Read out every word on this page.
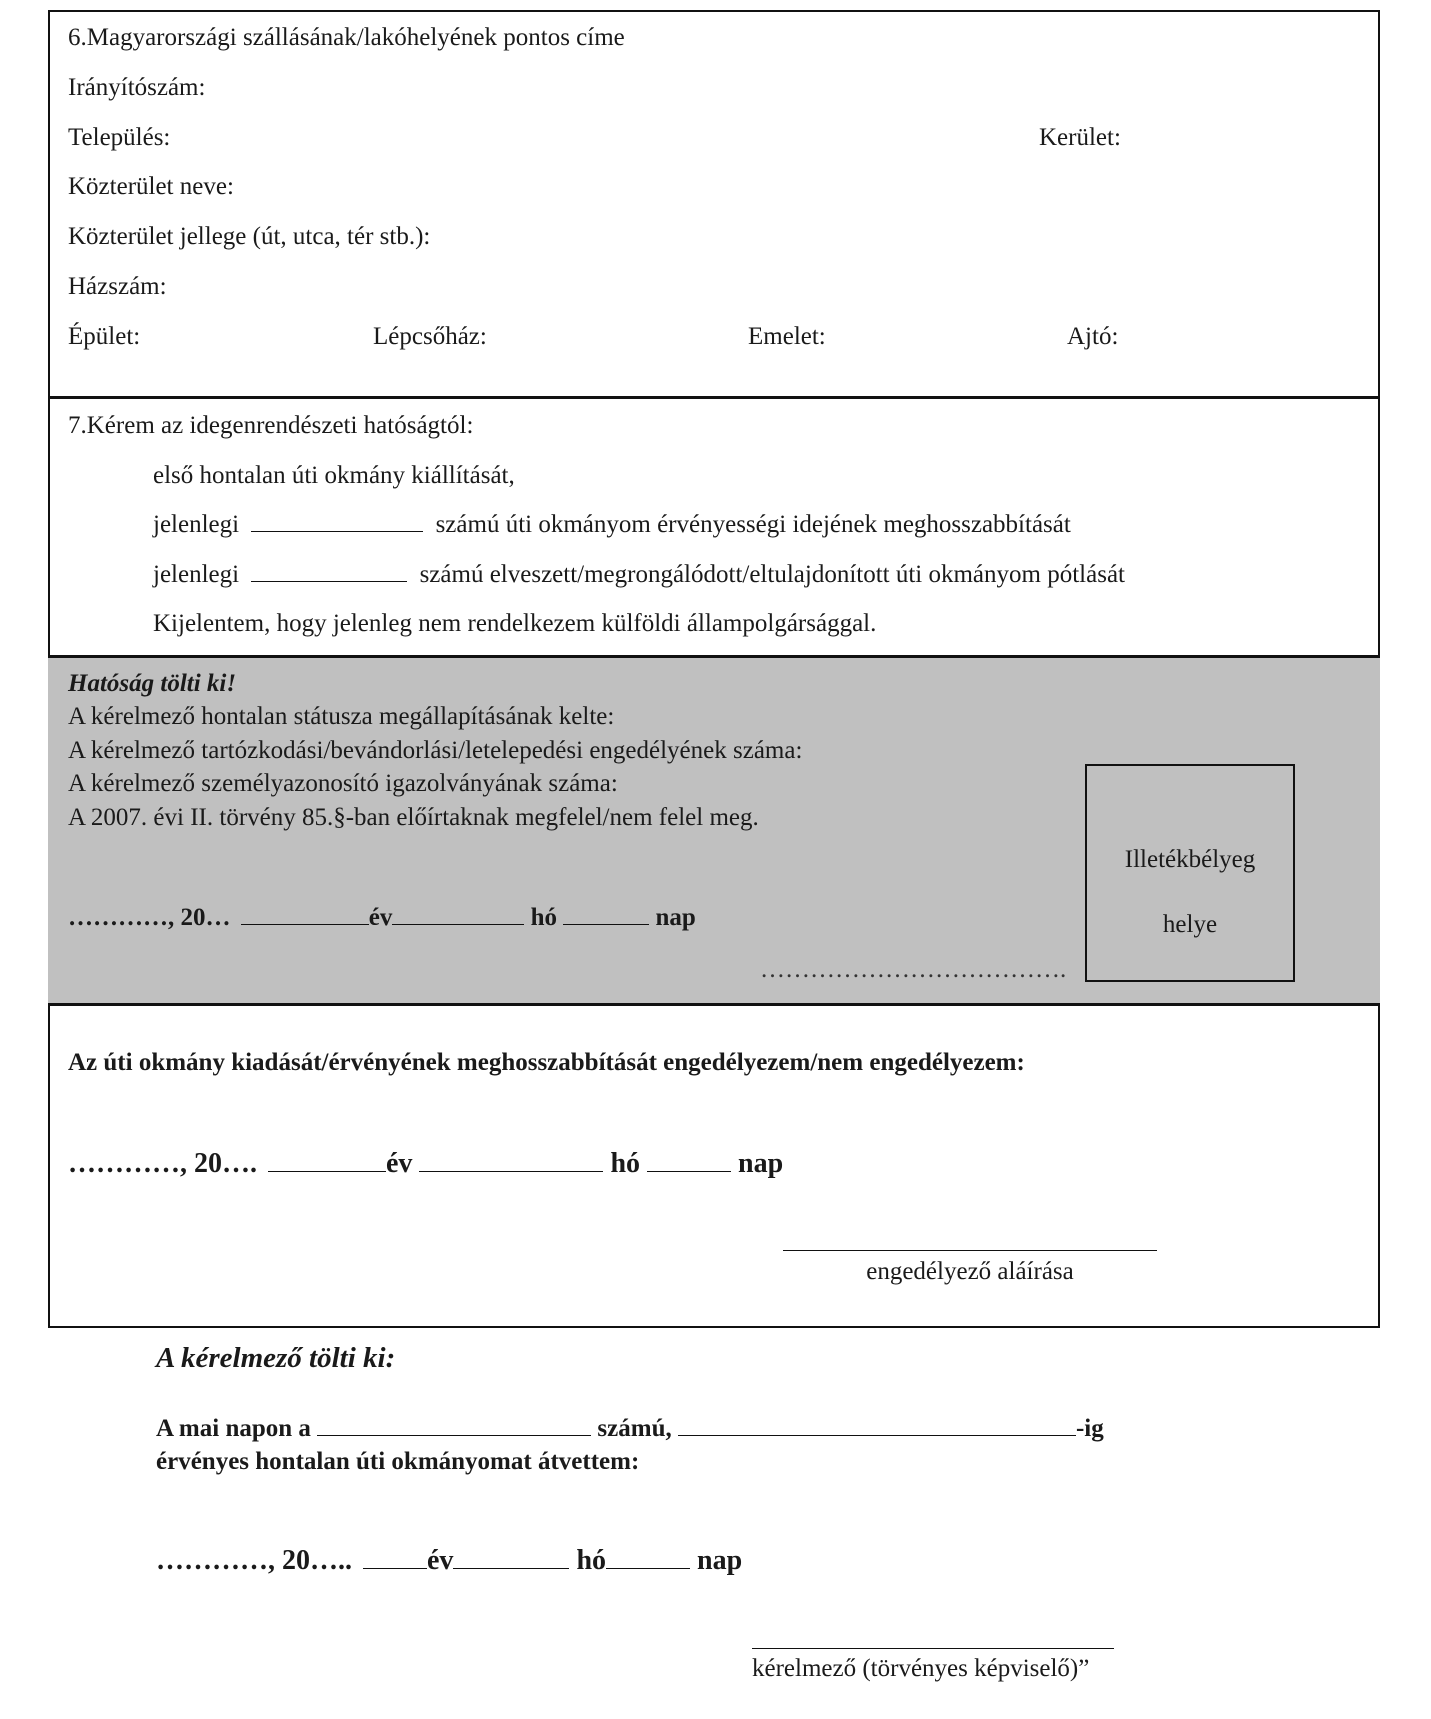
6.Magyarországi szállásának/lakóhelyének pontos címe
Irányítószám:
Település:	Kerület:
Közterület neve:
Közterület jellege (út, utca, tér stb.):
Házszám:
Épület:	Lépcsőház:	Emelet:	Ajtó:
7.Kérem az idegenrendészeti hatóságtól:
első hontalan úti okmány kiállítását,
jelenlegi	számú úti okmányom érvényességi idejének meghosszabbítását
jelenlegi	számú elveszett/megrongálódott/eltulajdonított úti okmányom pótlását
Kijelentem, hogy jelenleg nem rendelkezem külföldi állampolgársággal.
Hatóság tölti ki!
A kérelmező hontalan státusza megállapításának kelte:
A kérelmező tartózkodási/bevándorlási/letelepedési engedélyének száma:
A kérelmező személyazonosító igazolványának száma:
A 2007. évi II. törvény 85.§-ban előírtaknak megfelel/nem felel meg.
…………, 20…	év	hó	nap
……………………………….
Illetékbélyeg
helye
Az úti okmány kiadását/érvényének meghosszabbítását engedélyezem/nem engedélyezem:
…………, 20….	év	hó	nap
engedélyező aláírása
A kérelmező tölti ki:
A mai napon a	számú,	-ig
érvényes hontalan úti okmányomat átvettem:
…………, 20…..	év	hó	nap
kérelmező (törvényes képviselő)”
